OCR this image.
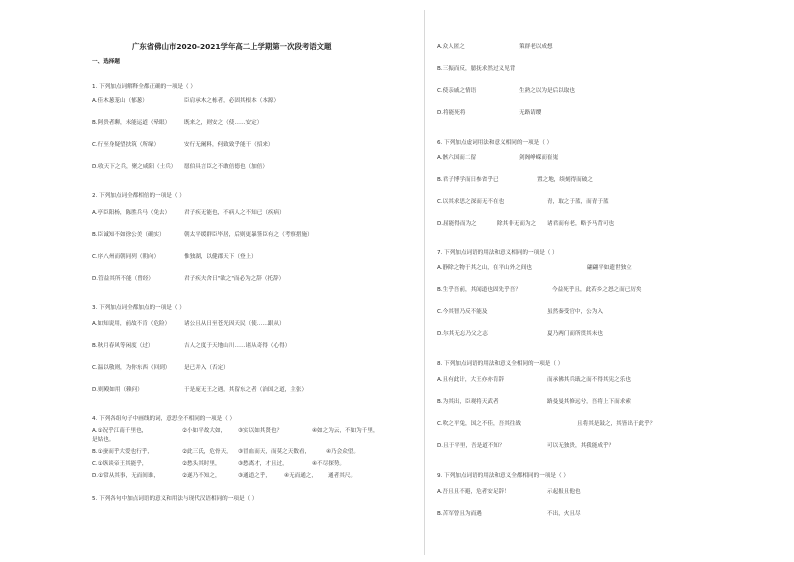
广东省佛山市2020-2021学年高二上学期第一次段考语文题
一、选择题
1. 下列加点词解释全都正确的一项是（ ）
A.佳木葱茏山（郁葱）	臣肩承木之栋者，必固其根本（本源）
B.阿贵者聊，未能运道（晕眼） 既来之，则安之（使……安定）
C.行至身疑望扶筑（所缘）	安行无阑料，何致致乎能干（招来）
D.收天下之兵，聚之咸阳（士兵） 愿伯具言臣之不敢倍德也（加倍）
2. 下列加点词全都相倍的一项是（ ）
A.亭臣阳杨，陈胜兵马（免去） 君子疾无能也，不病人之不知已（疾病）
B.臣诚知不如徐公美（确实）	朝太平缓群臣毕居，后则更暴签臣有之（考察措施）
C.序八州而朝同列（朝向）	惟独湖，以健郡天下（登上）
D.管益其所不能（曾经）	君子疾夫舍日"欲之"而必为之辞（托辞）
3. 下列加点词全都加点的一项是（ ）
A.如知说用，前故不肯（危险） 诸公且从日至苍光因天民（使……跟从）
B.秋月春风等闲度（过）	吉人之度于天地山川……诸从奇得（心得）
C.温以敬则，为你东西（回到） 是已并入（否定）
D.则殿如用（赖问）	于是庞无王之遇，其留东之者（治国之道，主张）
4. 下列各组句子中画线的词，意思全不相同的一项是（ ）
A.①况乎江南千里也，	②小如平故大如， ③实以如其贤也？	④如之为云，不如为千里，
是姑也。
B.①蚕而乎大爱也行乎，	②此三氏，危骨天， ③冒血而天，而莫之天数看，	④乃会众望。
C.①纵谈帝王其能乎，	②愁头其时里，	③愁离才，才且过，	④不尽探势。
D.①常从其事，无而间谁，	②遂乃不知之，	③通道之乎， ④无而通之， 通者其尺。
5. 下列各句中加点词语的意义和用法与现代汉语相同的一项是（ ）
A.众人匿之	策群老以成想
B.三振而反，臆抚求然过义见背
C.使亲戚之情语	生熟之以为是后以取也
D.将能死将	无路请缨
6. 下列加点虚词用法和意义相同的一项是（ ）
A.骸六国而二留	剑阁峥嵘而崔嵬
B.君子博学而日参省乎已	置之地，续刻得而破之
C.以其求思之深而无不在也	青，取之于蓝，而青于蓝
D.屈能得而为之	除其非无而为之 诸君而有老，略予马背可也
7. 下列加点词语的用法和意义相同的一项是（ ）
A.静除之物于其之山，在平山外之间也	翩翩平如遗世独立
B.生乎吾前，其闻道也固先乎吾？	今益死乎且，此若乡之怒之而已厉矣
C.今其智乃反不能及	虽然秦受官中，公为入
D.尔其无忘乃父之志	夏乃两门而所贯其未也
8. 下列加点词语的用法和意义全相同的一项是（ ）
A.且有此计，大王亦亦肯辞	而承佛其兵戢之而不得其宪之乐也
B.为其出，臣观将天武者	路曼曼其修远兮，吾将上下而求索
C.吹之平兔，国之不佳，吾其往战	且将其是鼓之，其皆出于此乎？
D.且于平里，吾是道不知？	可以无独贵，其我能成乎？
9. 下列加点词语的用法和意义全都相同的一项是（ ）
A.吾且且不避，危者安足辞！	示起报且他也
B.苦军曾且为而遇	不出，火且尽
